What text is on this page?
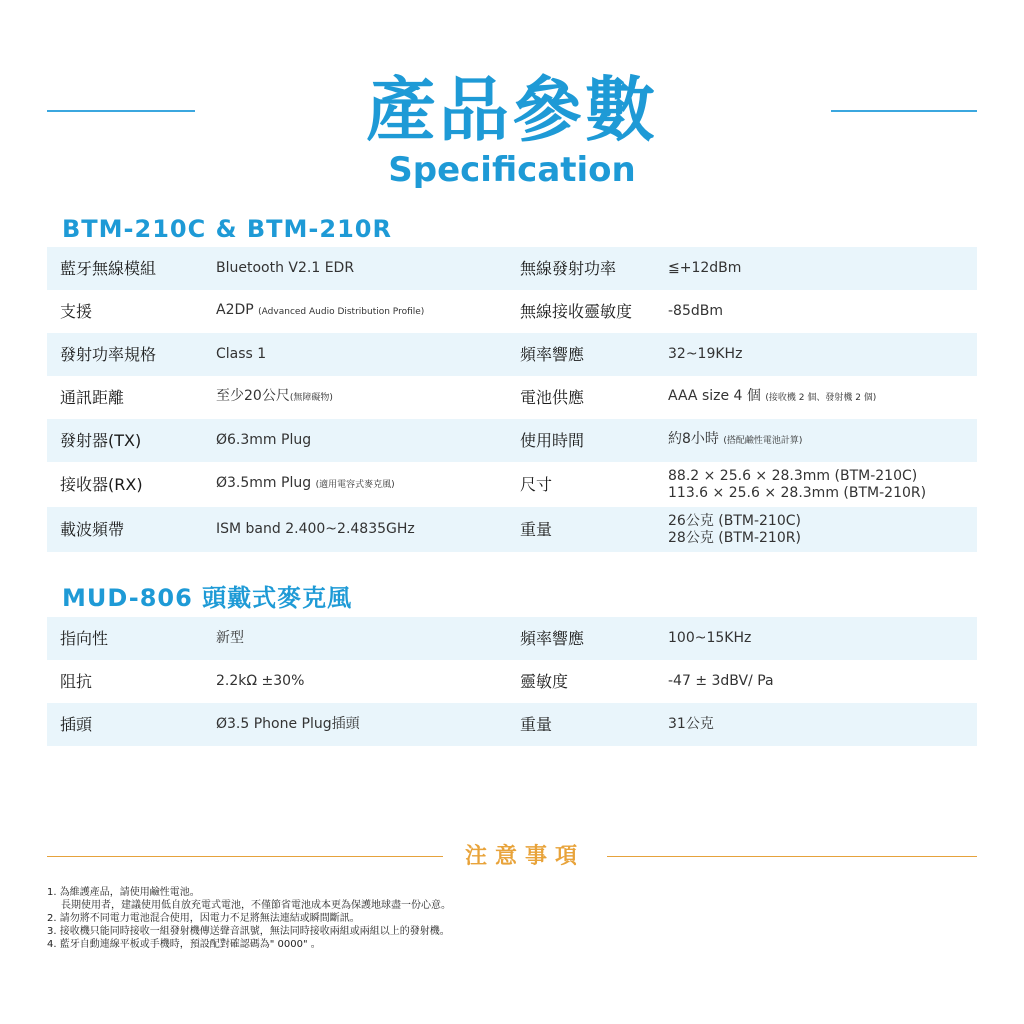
產品參數
Specification
BTM-210C & BTM-210R
藍牙無線模組	Bluetooth V2.1 EDR	無線發射功率	≦+12dBm
支援	A2DP (Advanced Audio Distribution Profile)	無線接收靈敏度	-85dBm
發射功率規格	Class 1	頻率響應	32~19KHz
通訊距離	至少20公尺(無障礙物)	電池供應	AAA size 4 個 (接收機 2 個、發射機 2 個)
發射器(TX)	Ø6.3mm Plug	使用時間	約8小時 (搭配鹼性電池計算)
接收器(RX)	Ø3.5mm Plug (適用電容式麥克風)	尺寸	88.2 × 25.6 × 28.3mm (BTM-210C)
113.6 × 25.6 × 28.3mm (BTM-210R)
載波頻帶	ISM band 2.400~2.4835GHz	重量	26公克 (BTM-210C)
28公克 (BTM-210R)
MUD-806 頭戴式麥克風
指向性	新型	頻率響應	100~15KHz
阻抗	2.2kΩ ±30%	靈敏度	-47 ± 3dBV/ Pa
插頭	Ø3.5 Phone Plug插頭	重量	31公克
注意事項
1. 為維護產品，請使用鹼性電池。
長期使用者，建議使用低自放充電式電池，不僅節省電池成本更為保護地球盡一份心意。
2. 請勿將不同電力電池混合使用，因電力不足將無法連結或瞬間斷訊。
3. 接收機只能同時接收一組發射機傳送聲音訊號，無法同時接收兩組或兩組以上的發射機。
4. 藍牙自動連線平板或手機時，預設配對確認碼為" 0000" 。
